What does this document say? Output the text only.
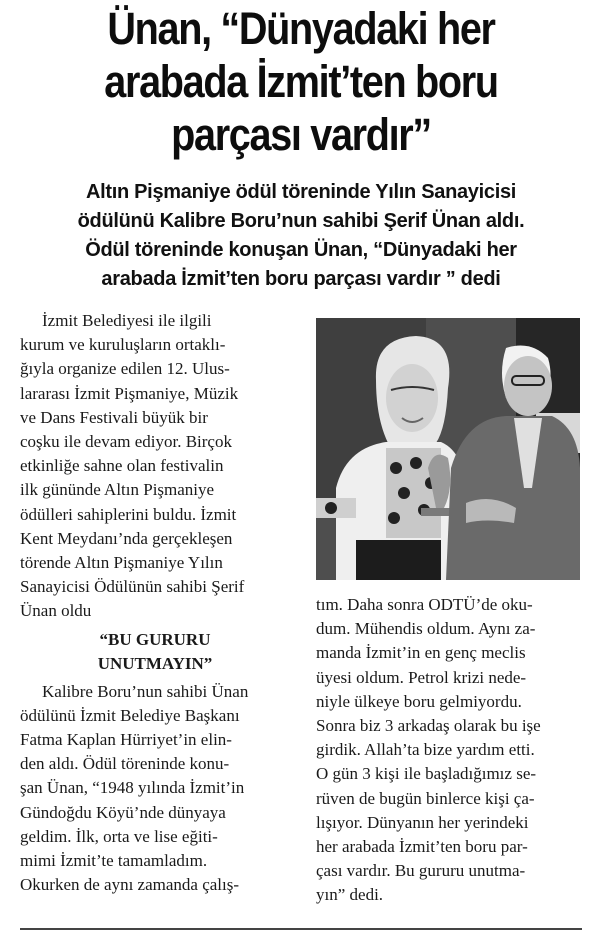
Ünan, “Dünyadaki her
arabada İzmit’ten boru
parçası vardır”
Altın Pişmaniye ödül töreninde Yılın Sanayicisi
ödülünü Kalibre Boru’nun sahibi Şerif Ünan aldı.
Ödül töreninde konuşan Ünan, “Dünyadaki her
arabada İzmit’ten boru parçası vardır ” dedi
İzmit Belediyesi ile ilgili
kurum ve kuruluşların ortaklı-
ğıyla organize edilen 12. Ulus-
lararası İzmit Pişmaniye, Müzik
ve Dans Festivali büyük bir
coşku ile devam ediyor. Birçok
etkinliğe sahne olan festivalin
ilk gününde Altın Pişmaniye
ödülleri sahiplerini buldu. İzmit
Kent Meydanı’nda gerçekleşen
törende Altın Pişmaniye Yılın
Sanayicisi Ödülünün sahibi Şerif
Ünan oldu
“BU GURURU
UNUTMAYIN”
Kalibre Boru’nun sahibi Ünan
ödülünü İzmit Belediye Başkanı
Fatma Kaplan Hürriyet’in elin-
den aldı. Ödül töreninde konu-
şan Ünan, “1948 yılında İzmit’in
Gündoğdu Köyü’nde dünyaya
geldim. İlk, orta ve lise eğiti-
mimi İzmit’te tamamladım.
Okurken de aynı zamanda çalış-
tım. Daha sonra ODTÜ’de oku-
dum. Mühendis oldum. Aynı za-
manda İzmit’in en genç meclis
üyesi oldum. Petrol krizi nede-
niyle ülkeye boru gelmiyordu.
Sonra biz 3 arkadaş olarak bu işe
girdik. Allah’ta bize yardım etti.
O gün 3 kişi ile başladığımız se-
rüven de bugün binlerce kişi ça-
lışıyor. Dünyanın her yerindeki
her arabada İzmit’ten boru par-
çası vardır. Bu gururu unutma-
yın” dedi.
